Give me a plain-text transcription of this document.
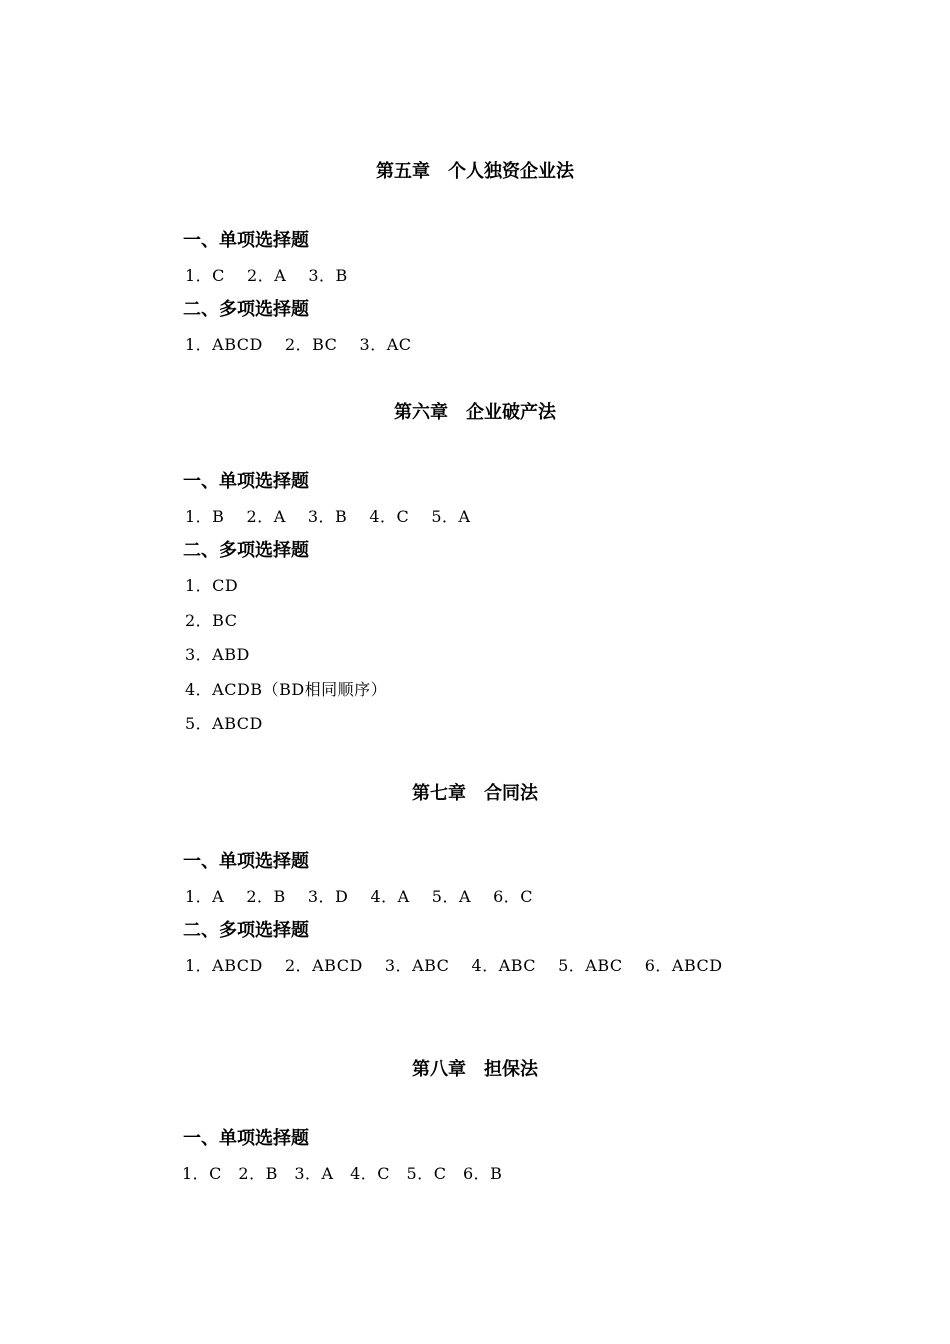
第五章　个人独资企业法
一、单项选择题
1．C　 2．A　 3．B
二、多项选择题
1．ABCD　 2．BC　 3．AC
第六章　企业破产法
一、单项选择题
1．B　 2．A　 3．B　 4．C　 5．A
二、多项选择题
1．CD
2．BC
3．ABD
4．ACDB（BD相同顺序）
5．ABCD
第七章　合同法
一、单项选择题
1．A　 2．B　 3．D　 4．A　 5．A　 6．C
二、多项选择题
1．ABCD　 2．ABCD　 3．ABC　 4．ABC　 5．ABC　 6．ABCD
第八章　担保法
一、单项选择题
1．C　2．B　3．A　4．C　5．C　6．B
